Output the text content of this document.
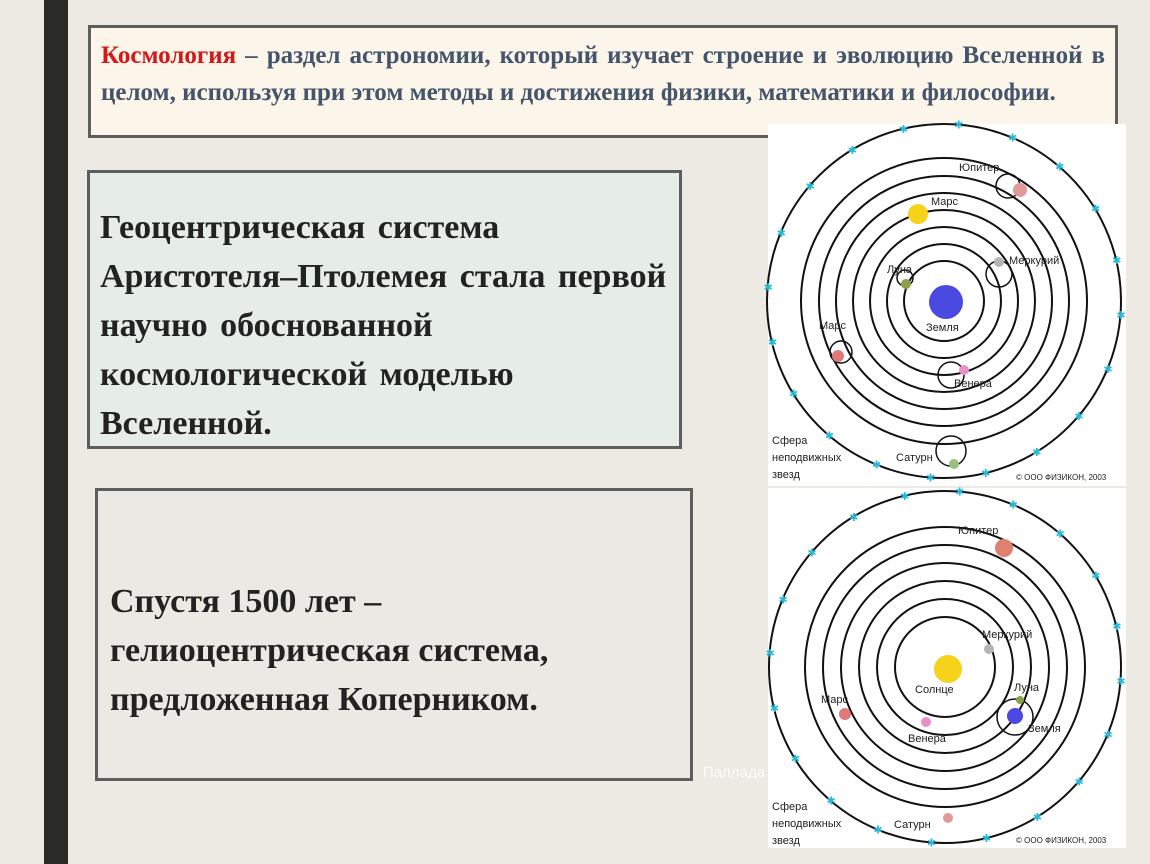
Космология – раздел астрономии, который изучает строение и эволюцию Вселенной в целом, используя при этом методы и достижения физики, математики и философии.
Геоцентрическая система Аристотеля–Птолемея стала первой научно обоснованной космологической моделью Вселенной.
Спустя 1500 лет – гелиоцентрическая система, предложенная Коперником.
✱
✱
✱
✱
✱
✱
✱
✱
✱
✱
✱
✱
✱
✱
✱	✱
✱
✱
✱
✱
Земля
Марс
Юпитер
Меркурий
Луна
Марс
Венера
Сатурн
Сфера
неподвижных
звезд	© ООО ФИЗИКОН, 2003
✱
✱
✱
✱
✱
✱
✱
✱
✱
✱
✱
✱
✱
✱
✱	✱
✱
✱
✱
✱
Солнце
Юпитер
Меркурий
Луна
Земля
Марс
Венера
Сатурн
Сфера
неподвижных
звезд	© ООО ФИЗИКОН, 2003
Паллада
